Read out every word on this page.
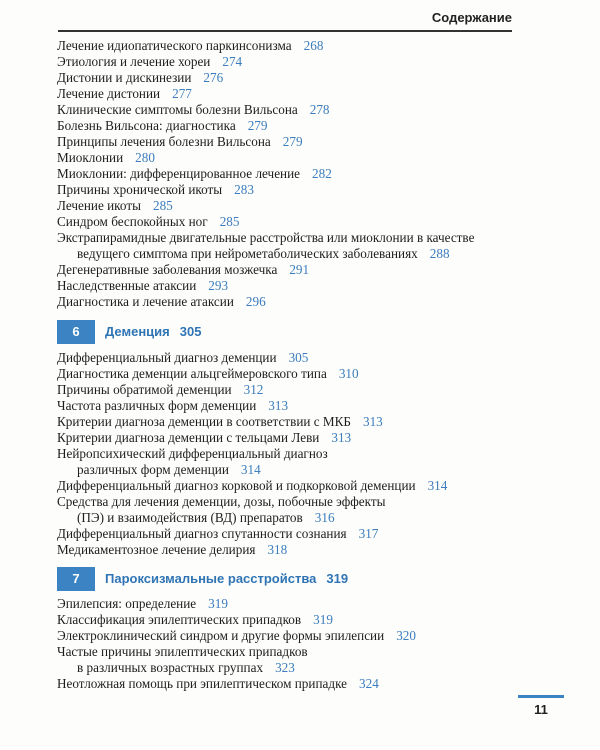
Содержание
Лечение идиопатического паркинсонизма 268
Этиология и лечение хореи 274
Дистонии и дискинезии 276
Лечение дистонии 277
Клинические симптомы болезни Вильсона 278
Болезнь Вильсона: диагностика 279
Принципы лечения болезни Вильсона 279
Миоклонии 280
Миоклонии: дифференцированное лечение 282
Причины хронической икоты 283
Лечение икоты 285
Синдром беспокойных ног 285
Экстрапирамидные двигательные расстройства или миоклонии в качестве
ведущего симптома при нейрометаболических заболеваниях 288
Дегенеративные заболевания мозжечка 291
Наследственные атаксии 293
Диагностика и лечение атаксии 296
6	Деменция 305
Дифференциальный диагноз деменции 305
Диагностика деменции альцгеймеровского типа 310
Причины обратимой деменции 312
Частота различных форм деменции 313
Критерии диагноза деменции в соответствии с МКБ 313
Критерии диагноза деменции с тельцами Леви 313
Нейропсихический дифференциальный диагноз
различных форм деменции 314
Дифференциальный диагноз корковой и подкорковой деменции 314
Средства для лечения деменции, дозы, побочные эффекты
(ПЭ) и взаимодействия (ВД) препаратов 316
Дифференциальный диагноз спутанности сознания 317
Медикаментозное лечение делирия 318
7	Пароксизмальные расстройства 319
Эпилепсия: определение 319
Классификация эпилептических припадков 319
Электроклинический синдром и другие формы эпилепсии 320
Частые причины эпилептических припадков
в различных возрастных группах 323
Неотложная помощь при эпилептическом припадке 324
11
